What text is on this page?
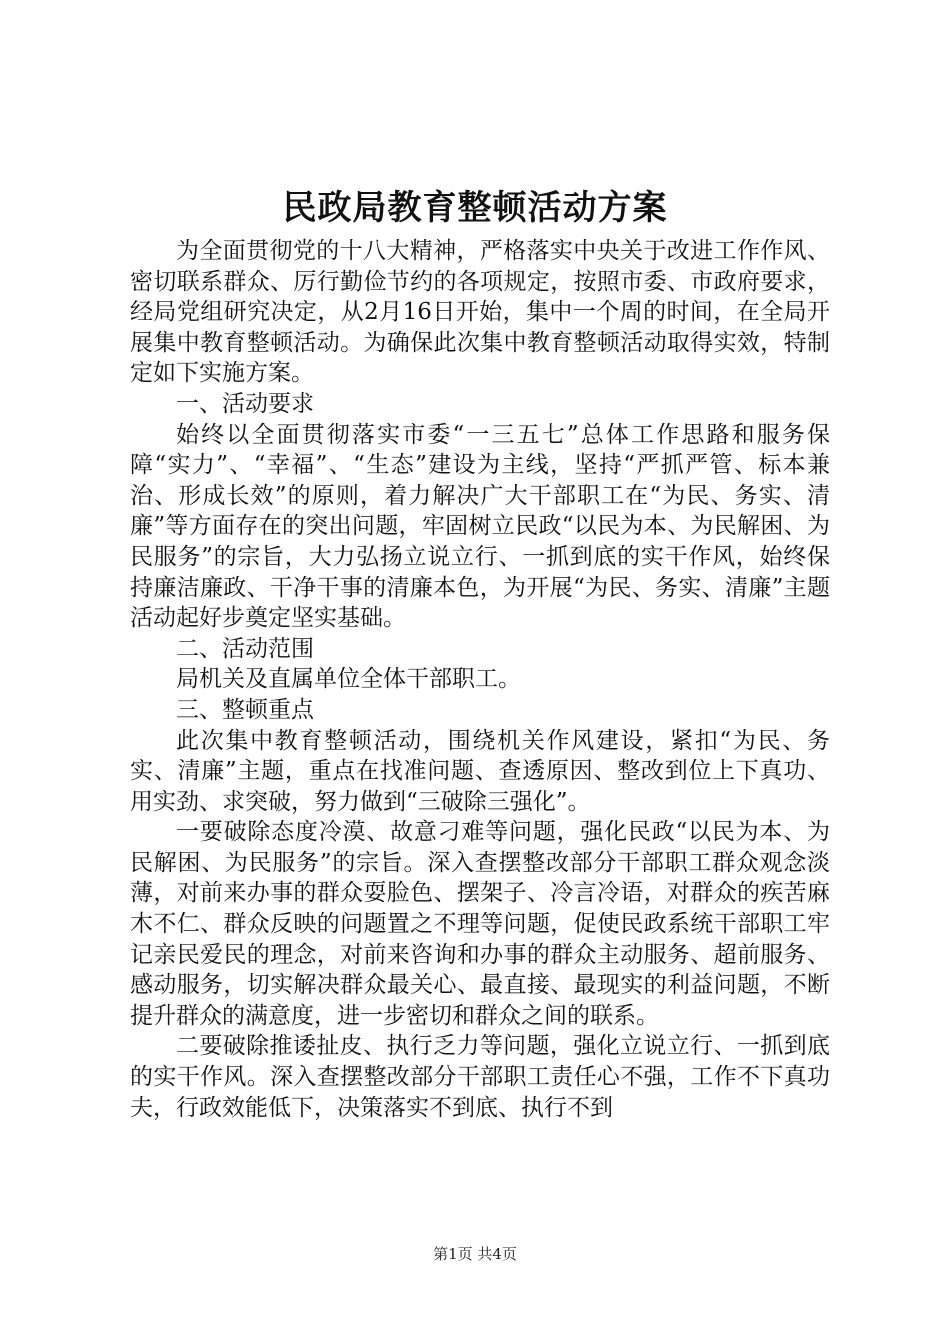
民政局教育整顿活动方案

为全面贯彻党的十八大精神，严格落实中央关于改进工作作风、密切联系群众、厉行勤俭节约的各项规定，按照市委、市政府要求，经局党组研究决定，从2月16日开始，集中一个周的时间，在全局开展集中教育整顿活动。为确保此次集中教育整顿活动取得实效，特制定如下实施方案。

一、活动要求

始终以全面贯彻落实市委“一三五七”总体工作思路和服务保障“实力”、“幸福”、“生态”建设为主线，坚持“严抓严管、标本兼治、形成长效”的原则，着力解决广大干部职工在“为民、务实、清廉”等方面存在的突出问题，牢固树立民政“以民为本、为民解困、为民服务”的宗旨，大力弘扬立说立行、一抓到底的实干作风，始终保持廉洁廉政、干净干事的清廉本色，为开展“为民、务实、清廉”主题活动起好步奠定坚实基础。

二、活动范围

局机关及直属单位全体干部职工。

三、整顿重点

此次集中教育整顿活动，围绕机关作风建设，紧扣“为民、务实、清廉”主题，重点在找准问题、查透原因、整改到位上下真功、用实劲、求突破，努力做到“三破除三强化”。

一要破除态度冷漠、故意刁难等问题，强化民政“以民为本、为民解困、为民服务”的宗旨。深入查摆整改部分干部职工群众观念淡薄，对前来办事的群众耍脸色、摆架子、冷言冷语，对群众的疾苦麻木不仁、群众反映的问题置之不理等问题，促使民政系统干部职工牢记亲民爱民的理念，对前来咨询和办事的群众主动服务、超前服务、感动服务，切实解决群众最关心、最直接、最现实的利益问题，不断提升群众的满意度，进一步密切和群众之间的联系。

二要破除推诿扯皮、执行乏力等问题，强化立说立行、一抓到底的实干作风。深入查摆整改部分干部职工责任心不强，工作不下真功夫，行政效能低下，决策落实不到底、执行不到

第1页 共4页
